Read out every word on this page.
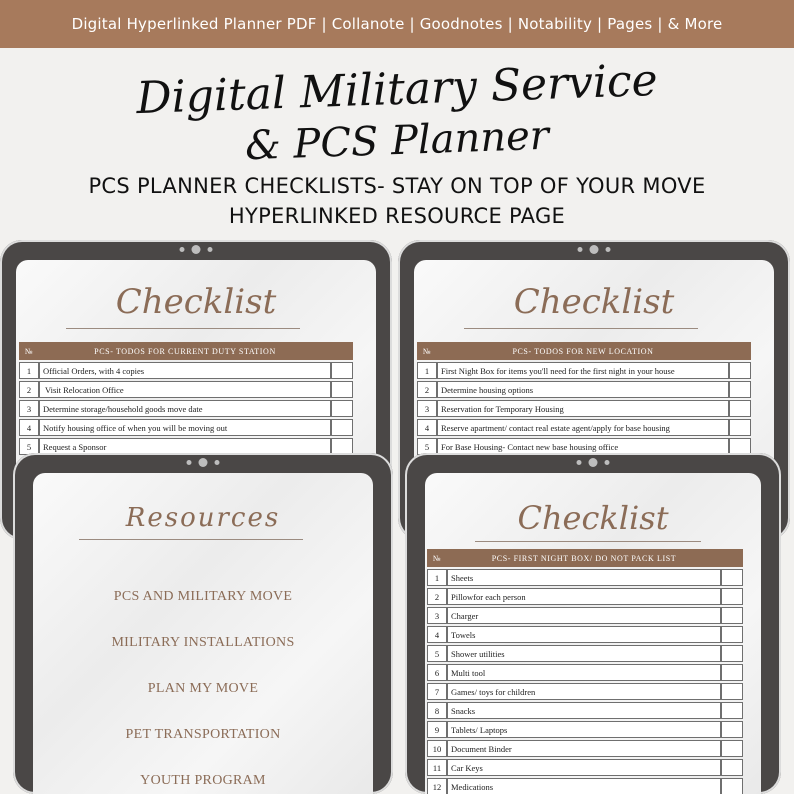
Digital Hyperlinked Planner PDF | Collanote | Goodnotes | Notability | Pages | & More
Digital Military Service
& PCS Planner
PCS PLANNER CHECKLISTS- STAY ON TOP OF YOUR MOVE
HYPERLINKED RESOURCE PAGE
Checklist
№	PCS- TODOS FOR CURRENT DUTY STATION	
1	Official Orders, with 4 copies	
2	Visit Relocation Office	
3	Determine storage/household goods move date	
4	Notify housing office of when you will be moving out	
5	Request a Sponsor	
Checklist
№	PCS- TODOS FOR NEW LOCATION	
1	First Night Box for items you'll need for the first night in your house	
2	Determine housing options	
3	Reservation for Temporary Housing	
4	Reserve apartment/ contact real estate agent/apply for base housing	
5	For Base Housing- Contact new base housing office	
Resources
PCS AND MILITARY MOVE
MILITARY INSTALLATIONS
PLAN MY MOVE
PET TRANSPORTATION
YOUTH PROGRAM
Checklist
№	PCS- FIRST NIGHT BOX/ DO NOT PACK LIST	
1	Sheets	
2	Pillowfor each person	
3	Charger	
4	Towels	
5	Shower utilities	
6	Multi tool	
7	Games/ toys for children	
8	Snacks	
9	Tablets/ Laptops	
10	Document Binder	
11	Car Keys	
12	Medications	
